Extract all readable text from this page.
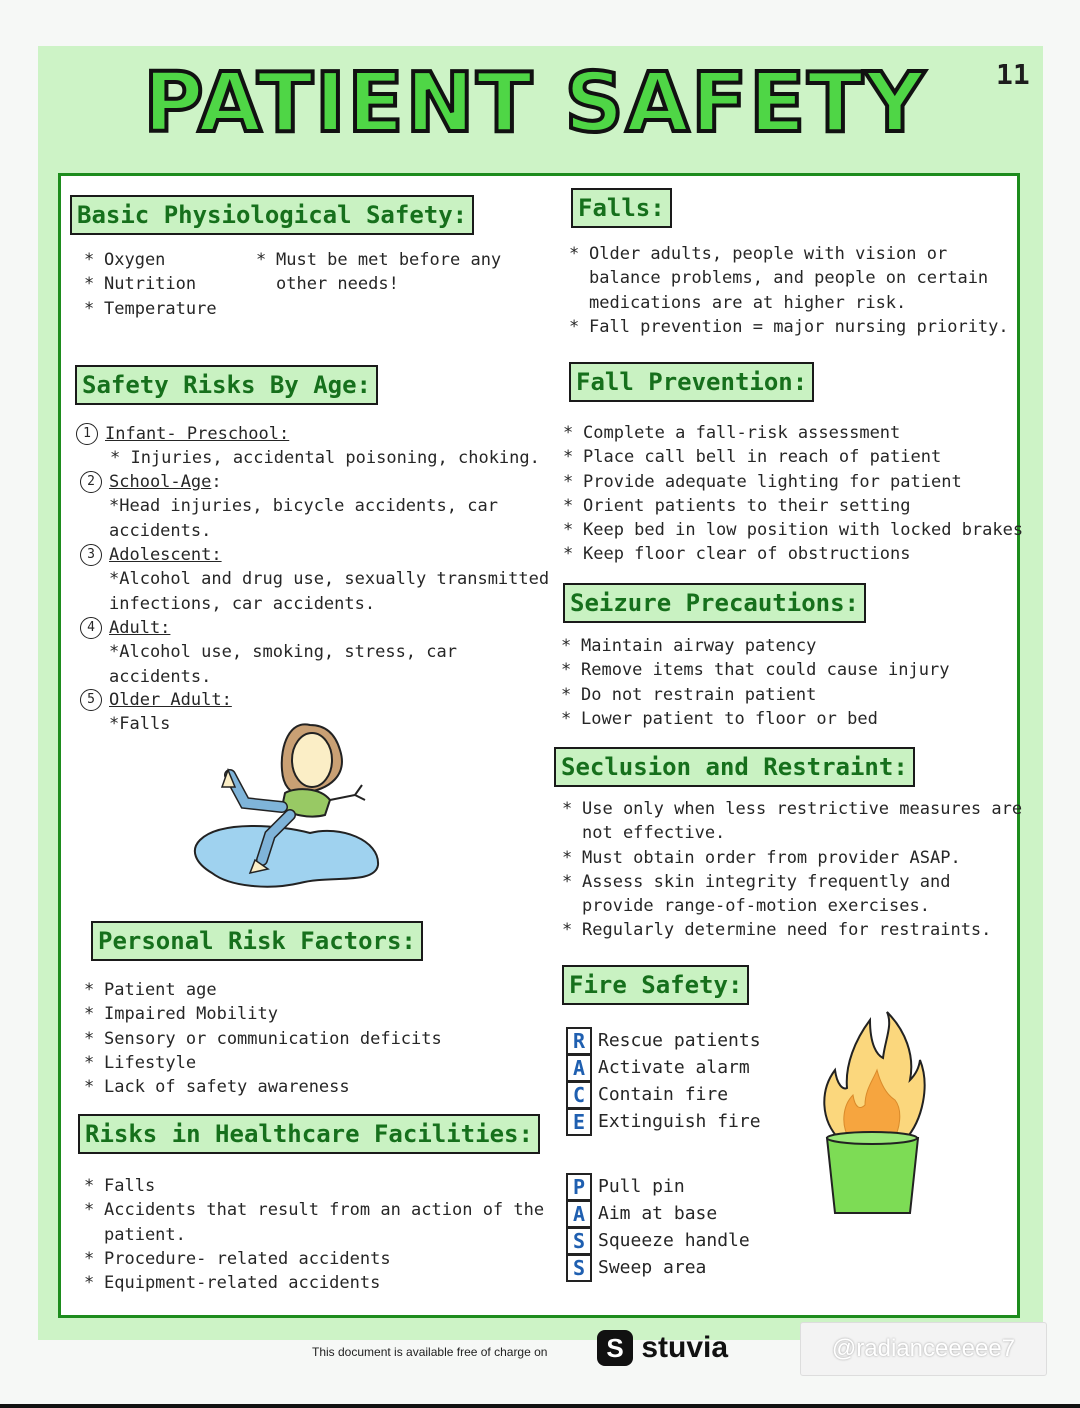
PATIENT SAFETY	11
Basic Physiological Safety:
* Oxygen
* Nutrition
* Temperature
* Must be met before any
other needs!
Safety Risks By Age:
1 Infant- Preschool:
* Injuries, accidental poisoning, choking.
2 School-Age:
*Head injuries, bicycle accidents, car
accidents.
3 Adolescent:
*Alcohol and drug use, sexually transmitted
infections, car accidents.
4 Adult:
*Alcohol use, smoking, stress, car
accidents.
5 Older Adult:
*Falls
Personal Risk Factors:
* Patient age
* Impaired Mobility
* Sensory or communication deficits
* Lifestyle
* Lack of safety awareness
Risks in Healthcare Facilities:
* Falls
* Accidents that result from an action of the
patient.
* Procedure- related accidents
* Equipment-related accidents
Falls:
* Older adults, people with vision or
balance problems, and people on certain
medications are at higher risk.
* Fall prevention = major nursing priority.
Fall Prevention:
* Complete a fall-risk assessment
* Place call bell in reach of patient
* Provide adequate lighting for patient
* Orient patients to their setting
* Keep bed in low position with locked brakes
* Keep floor clear of obstructions
Seizure Precautions:
* Maintain airway patency
* Remove items that could cause injury
* Do not restrain patient
* Lower patient to floor or bed
Seclusion and Restraint:
* Use only when less restrictive measures are
not effective.
* Must obtain order from provider ASAP.
* Assess skin integrity frequently and
provide range-of-motion exercises.
* Regularly determine need for restraints.
Fire Safety:
R Rescue patients
A Activate alarm
C Contain fire
E Extinguish fire
P Pull pin
A Aim at base
S Squeeze handle
S Sweep area
This document is available free of charge on	S stuvia	@radianceeeee7
